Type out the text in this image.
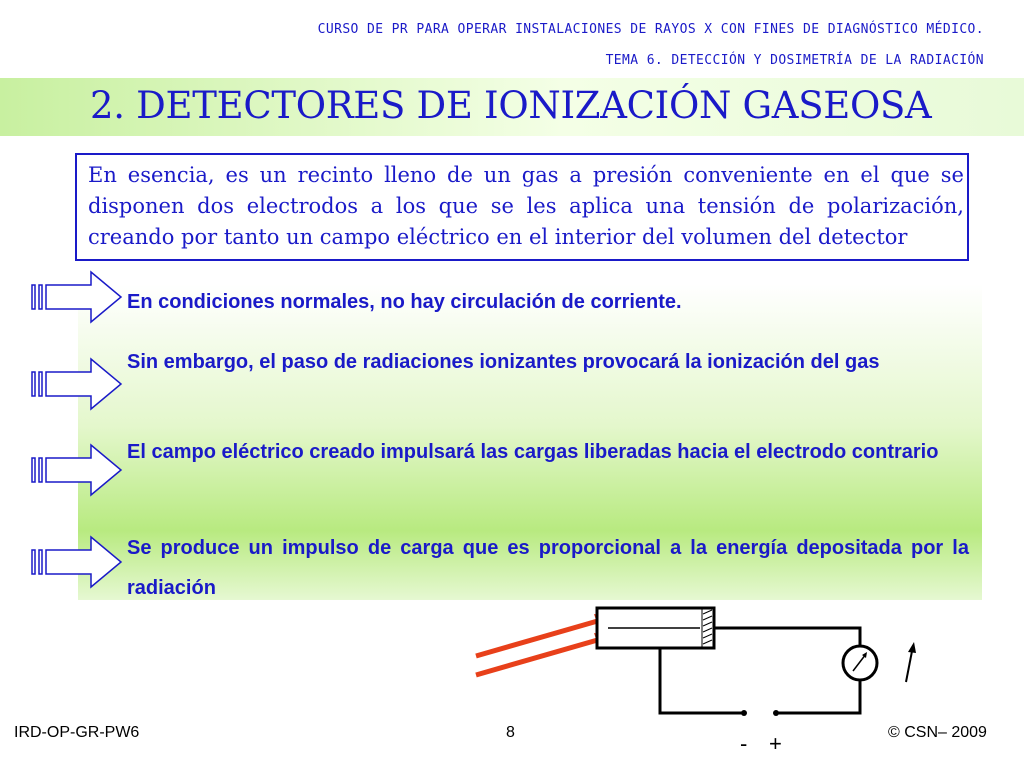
CURSO DE PR PARA OPERAR INSTALACIONES DE RAYOS X CON FINES DE DIAGNÓSTICO MÉDICO.
TEMA 6. DETECCIÓN Y DOSIMETRÍA DE LA RADIACIÓN
2. DETECTORES DE IONIZACIÓN GASEOSA
En esencia, es un recinto lleno de un gas a presión conveniente en el que se disponen dos electrodos a los que se les aplica una tensión de polarización, creando por tanto un campo eléctrico en el interior del volumen del detector
En condiciones normales, no hay circulación de corriente.
Sin embargo, el paso de radiaciones ionizantes provocará la ionización del gas
El campo eléctrico creado impulsará las cargas liberadas hacia el electrodo contrario
Se produce un impulso de carga que es proporcional a la energía depositada por la radiación
- +
IRD-OP-GR-PW6	8	© CSN– 2009
